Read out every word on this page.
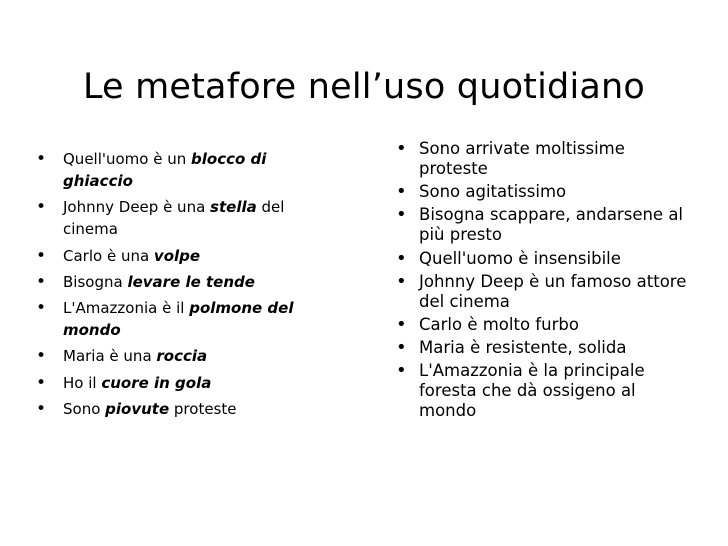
Le metafore nell’uso quotidiano
• Quell'uomo è un blocco di ghiaccio
• Johnny Deep è una stella del cinema
• Carlo è una volpe
• Bisogna levare le tende
• L'Amazzonia è il polmone del mondo
• Maria è una roccia
• Ho il cuore in gola
• Sono piovute proteste
• Sono arrivate moltissime proteste
• Sono agitatissimo
• Bisogna scappare, andarsene al più presto
• Quell'uomo è insensibile
• Johnny Deep è un famoso attore del cinema
• Carlo è molto furbo
• Maria è resistente, solida
• L'Amazzonia è la principale foresta che dà ossigeno al mondo
